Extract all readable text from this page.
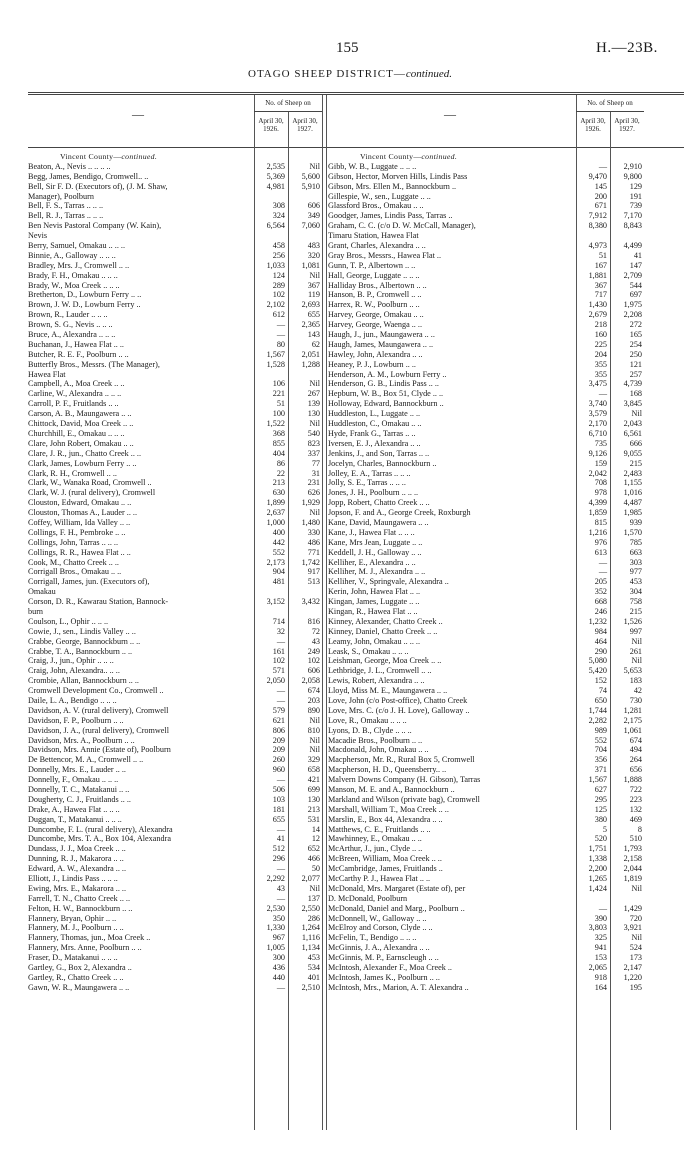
155	H.—23B.
OTAGO SHEEP DISTRICT—continued.
—
No. of Sheep on
April 30, 1926.
April 30, 1927.
—
No. of Sheep on
April 30, 1926.
April 30, 1927.
Vincent County—continued.
Beaton, A., Nevis .. .. .. ..	2,535	Nil
Begg, James, Bendigo, Cromwell.. ..	5,369	5,600
Bell, Sir F. D. (Executors of), (J. M. Shaw,	4,981	5,910
Manager), Poolburn
Bell, F. S., Tarras .. .. ..	308	606
Bell, R. J., Tarras .. .. ..	324	349
Ben Nevis Pastoral Company (W. Kain),	6,564	7,060
Nevis
Berry, Samuel, Omakau .. .. ..	458	483
Binnie, A., Galloway .. .. ..	256	320
Bradley, Mrs. J., Cromwell .. ..	1,033	1,081
Brady, F. H., Omakau .. .. ..	124	Nil
Brady, W., Moa Creek .. .. ..	289	367
Bretherton, D., Lowburn Ferry .. ..	102	119
Brown, J. W. D., Lowburn Ferry ..	2,102	2,693
Brown, R., Lauder .. .. ..	612	655
Brown, S. G., Nevis .. .. ..	—	2,365
Bruce, A., Alexandra .. .. ..	—	143
Buchanan, J., Hawea Flat .. ..	80	62
Butcher, R. E. F., Poolburn .. ..	1,567	2,051
Butterfly Bros., Messrs. (The Manager),	1,528	1,288
Hawea Flat
Campbell, A., Moa Creek .. ..	106	Nil
Carline, W., Alexandra .. .. ..	221	267
Carroll, P. F., Fruitlands .. ..	51	139
Carson, A. B., Maungawera .. ..	100	130
Chittock, David, Moa Creek .. ..	1,522	Nil
Churchhill, E., Omakau .. .. ..	368	540
Clare, John Robert, Omakau .. ..	855	823
Clare, J. R., jun., Chatto Creek .. ..	404	337
Clark, James, Lowburn Ferry .. ..	86	77
Clark, R. H., Cromwell .. ..	22	31
Clark, W., Wanaka Road, Cromwell ..	213	231
Clark, W. J. (rural delivery), Cromwell	630	626
Clouston, Edward, Omakau .. ..	1,899	1,929
Clouston, Thomas A., Lauder .. ..	2,637	Nil
Coffey, William, Ida Valley .. ..	1,000	1,480
Collings, F. H., Pembroke .. ..	400	330
Collings, John, Tarras .. .. ..	442	486
Collings, R. R., Hawea Flat .. ..	552	771
Cook, M., Chatto Creek .. ..	2,173	1,742
Corrigall Bros., Omakau .. ..	904	917
Corrigall, James, jun. (Executors of),	481	513
Omakau
Corson, D. R., Kawarau Station, Bannock-	3,152	3,432
burn
Coulson, L., Ophir .. .. ..	714	816
Cowie, J., sen., Lindis Valley .. ..	32	72
Crabbe, George, Bannockburn .. ..	—	43
Crabbe, T. A., Bannockburn .. ..	161	249
Craig, J., jun., Ophir .. .. ..	102	102
Craig, John, Alexandra.. .. ..	571	606
Crombie, Allan, Bannockburn .. ..	2,050	2,058
Cromwell Development Co., Cromwell ..	—	674
Daile, L. A., Bendigo .. .. ..	—	203
Davidson, A. V. (rural delivery), Cromwell	579	890
Davidson, F. P., Poolburn .. ..	621	Nil
Davidson, J. A., (rural delivery), Cromwell	806	810
Davidson, Mrs. A., Poolburn .. ..	209	Nil
Davidson, Mrs. Annie (Estate of), Poolburn	209	Nil
De Bettencor, M. A., Cromwell .. ..	260	329
Donnelly, Mrs. E., Lauder .. ..	960	658
Donnelly, F., Omakau .. .. ..	—	421
Donnelly, T. C., Matakanui .. ..	506	699
Dougherty, C. J., Fruitlands .. ..	103	130
Drake, A., Hawea Flat .. .. ..	181	213
Duggan, T., Matakanui .. .. ..	655	531
Duncombe, F. L. (rural delivery), Alexandra	—	14
Duncombe, Mrs. T. A., Box 104, Alexandra	41	12
Dundass, J. J., Moa Creek .. ..	512	652
Dunning, R. J., Makarora .. ..	296	466
Edward, A. W., Alexandra .. ..	—	50
Elliott, J., Lindis Pass .. .. ..	2,292	2,077
Ewing, Mrs. E., Makarora .. ..	43	Nil
Farrell, T. N., Chatto Creek .. ..	—	137
Felton, H. W., Bannockburn .. ..	2,530	2,550
Flannery, Bryan, Ophir .. ..	350	286
Flannery, M. J., Poolburn .. ..	1,330	1,264
Flannery, Thomas, jun., Moa Creek ..	967	1,116
Flannery, Mrs. Anne, Poolburn .. ..	1,005	1,134
Fraser, D., Matakanui .. .. ..	300	453
Gartley, G., Box 2, Alexandra ..	436	534
Gartley, R., Chatto Creek .. ..	440	401
Gawn, W. R., Maungawera .. ..	—	2,510
Vincent County—continued.
Gibb, W. B., Luggate .. .. ..	—	2,910
Gibson, Hector, Morven Hills, Lindis Pass	9,470	9,800
Gibson, Mrs. Ellen M., Bannockburn ..	145	129
Gillespie, W., sen., Luggate .. ..	200	191
Glassford Bros., Omakau .. ..	671	739
Goodger, James, Lindis Pass, Tarras ..	7,912	7,170
Graham, C. C. (c/o D. W. McCall, Manager),	8,380	8,843
Timaru Station, Hawea Flat
Grant, Charles, Alexandra .. ..	4,973	4,499
Gray Bros., Messrs., Hawea Flat ..	51	41
Gunn, T. P., Albertown .. ..	167	147
Hall, George, Luggate .. .. ..	1,881	2,709
Halliday Bros., Albertown .. ..	367	544
Hanson, B. P., Cromwell .. ..	717	697
Harrex, R. W., Poolburn .. ..	1,430	1,975
Harvey, George, Omakau .. ..	2,679	2,208
Harvey, George, Waenga .. ..	218	272
Haugh, J., jun., Maungawera .. ..	160	165
Haugh, James, Maungawera .. ..	225	254
Hawley, John, Alexandra .. ..	204	250
Heaney, P. J., Lowburn .. ..	355	121
Henderson, A. M., Lowburn Ferry ..	355	257
Henderson, G. B., Lindis Pass .. ..	3,475	4,739
Hepburn, W. B., Box 51, Clyde .. ..	—	168
Holloway, Edward, Bannockburn ..	3,740	3,845
Huddleston, L., Luggate .. ..	3,579	Nil
Huddleston, C., Omakau .. ..	2,170	2,043
Hyde, Frank G., Tarras .. ..	6,710	6,561
Iversen, E. J., Alexandra .. ..	735	666
Jenkins, J., and Son, Tarras .. ..	9,126	9,055
Jocelyn, Charles, Bannockburn ..	159	215
Jolley, E. A., Tarras .. .. ..	2,042	2,483
Jolly, S. E., Tarras .. .. ..	708	1,155
Jones, J. H., Poolburn .. .. ..	978	1,016
Jopp, Robert, Chatto Creek .. ..	4,399	4,487
Jopson, F. and A., George Creek, Roxburgh	1,859	1,985
Kane, David, Maungawera .. ..	815	939
Kane, J., Hawea Flat .. .. ..	1,216	1,570
Kane, Mrs Jean, Luggate .. ..	976	785
Keddell, J. H., Galloway .. ..	613	663
Kelliher, E., Alexandra .. ..	—	303
Kelliher, M. J., Alexandra .. ..	—	977
Kelliher, V., Springvale, Alexandra ..	205	453
Kerin, John, Hawea Flat .. ..	352	304
Kingan, James, Luggate .. ..	668	758
Kingan, R., Hawea Flat .. ..	246	215
Kinney, Alexander, Chatto Creek ..	1,232	1,526
Kinney, Daniel, Chatto Creek .. ..	984	997
Leamy, John, Omakau .. .. ..	464	Nil
Leask, S., Omakau .. .. ..	290	261
Leishman, George, Moa Creek .. ..	5,080	Nil
Lethbridge, J. L., Cromwell .. ..	5,420	5,653
Lewis, Robert, Alexandra .. ..	152	183
Lloyd, Miss M. E., Maungawera .. ..	74	42
Love, John (c/o Post-office), Chatto Creek	650	730
Love, Mrs. C. (c/o J. H. Love), Galloway ..	1,744	1,281
Love, R., Omakau .. .. ..	2,282	2,175
Lyons, D. B., Clyde .. .. ..	989	1,061
Macadie Bros., Poolburn .. ..	552	674
Macdonald, John, Omakau .. ..	704	494
Macpherson, Mr. R., Rural Box 5, Cromwell	356	264
Macpherson, H. D., Queensberry.. ..	371	656
Malvern Downs Company (H. Gibson), Tarras	1,567	1,888
Manson, M. E. and A., Bannockburn ..	627	722
Markland and Wilson (private bag), Cromwell	295	223
Marshall, William T., Moa Creek .. ..	125	132
Marslin, E., Box 44, Alexandra .. ..	380	469
Matthews, C. E., Fruitlands .. ..	5	8
Mawhinney, E., Omakau .. ..	520	510
McArthur, J., jun., Clyde .. ..	1,751	1,793
McBreen, William, Moa Creek .. ..	1,338	2,158
McCambridge, James, Fruitlands ..	2,200	2,044
McCarthy P. J., Hawea Flat .. ..	1,265	1,819
McDonald, Mrs. Margaret (Estate of), per	1,424	Nil
D. McDonald, Poolburn
McDonald, Daniel and Marg., Poolburn ..	—	1,429
McDonnell, W., Galloway .. ..	390	720
McElroy and Corson, Clyde .. ..	3,803	3,921
McFelin, T., Bendigo .. .. ..	325	Nil
McGinnis, J. A., Alexandra .. ..	941	524
McGinnis, M. P., Earnscleugh .. ..	153	173
McIntosh, Alexander F., Moa Creek ..	2,065	2,147
McIntosh, James K., Poolburn .. ..	918	1,220
McIntosh, Mrs., Marion, A. T. Alexandra ..	164	195
